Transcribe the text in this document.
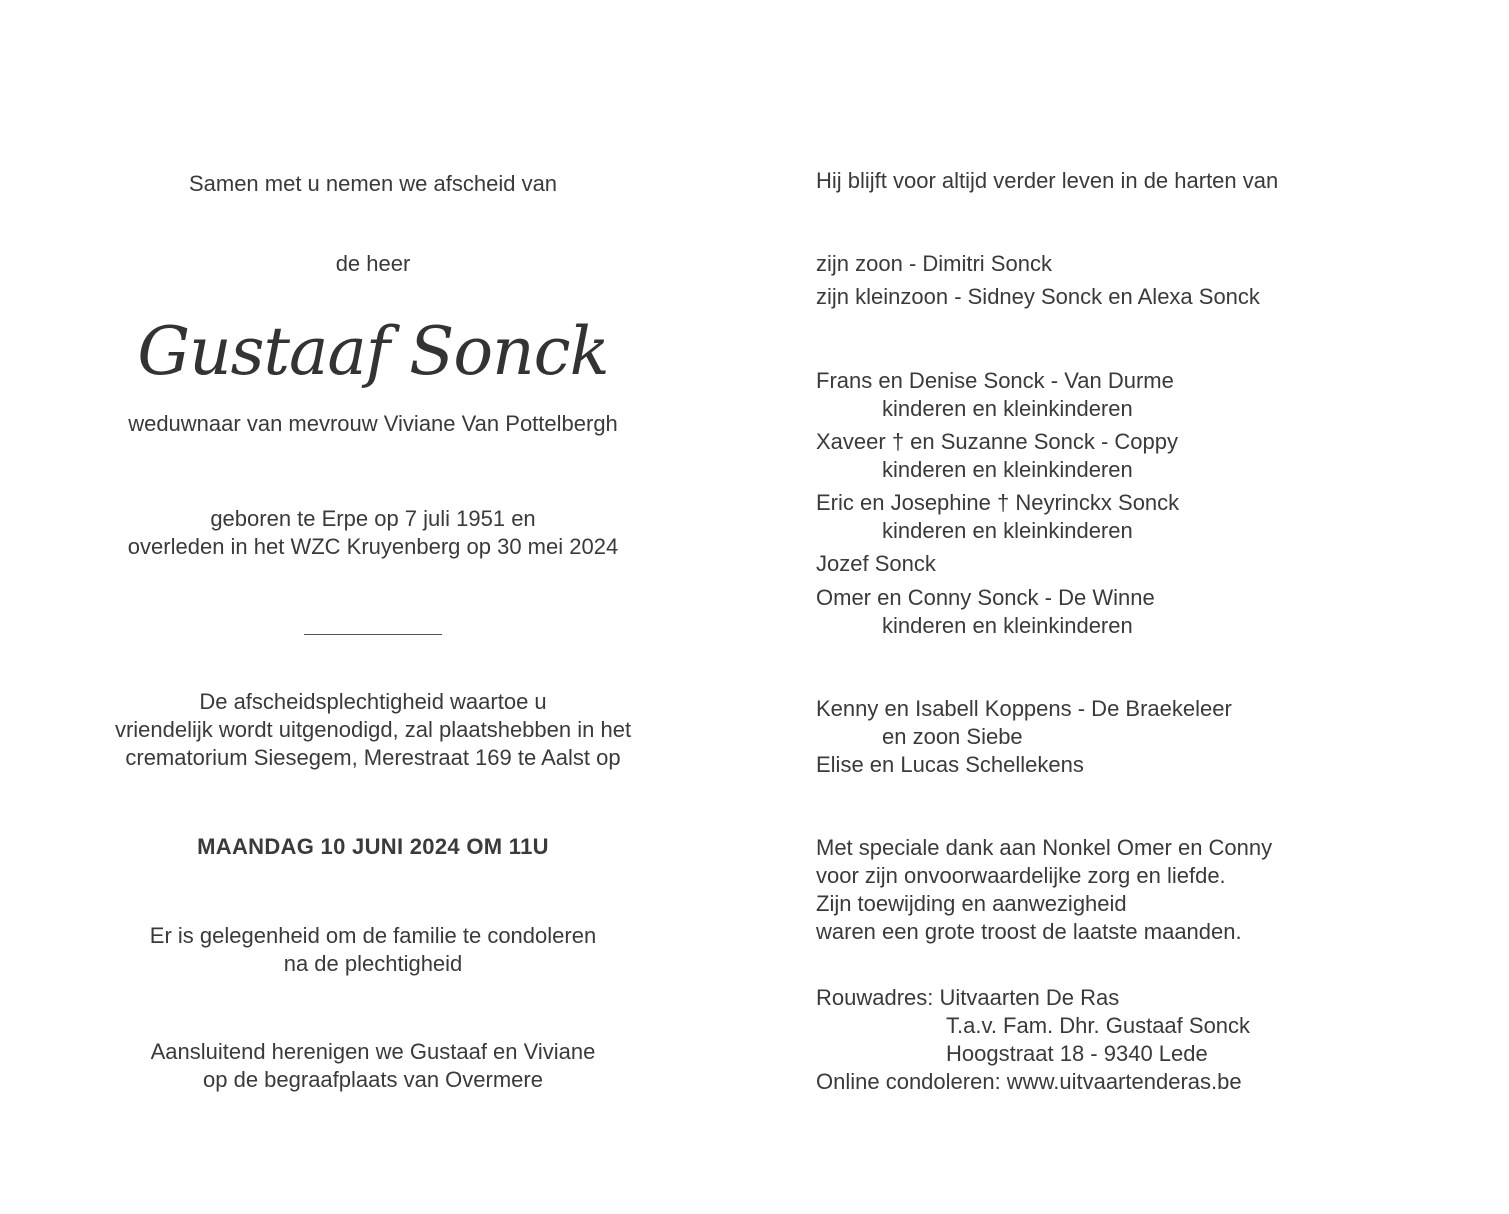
Samen met u nemen we afscheid van
de heer
Gustaaf Sonck
weduwnaar van mevrouw Viviane Van Pottelbergh
geboren te Erpe op 7 juli 1951 en
overleden in het WZC Kruyenberg op 30 mei 2024
De afscheidsplechtigheid waartoe u
vriendelijk wordt uitgenodigd, zal plaatshebben in het
crematorium Siesegem, Merestraat 169 te Aalst op
MAANDAG 10 JUNI 2024 OM 11U
Er is gelegenheid om de familie te condoleren
na de plechtigheid
Aansluitend herenigen we Gustaaf en Viviane
op de begraafplaats van Overmere
Hij blijft voor altijd verder leven in de harten van
zijn zoon - Dimitri Sonck
zijn kleinzoon - Sidney Sonck en Alexa Sonck
Frans en Denise Sonck - Van Durme
kinderen en kleinkinderen
Xaveer † en Suzanne Sonck - Coppy
kinderen en kleinkinderen
Eric en Josephine † Neyrinckx Sonck
kinderen en kleinkinderen
Jozef Sonck
Omer en Conny Sonck - De Winne
kinderen en kleinkinderen
Kenny en Isabell Koppens - De Braekeleer
en zoon Siebe
Elise en Lucas Schellekens
Met speciale dank aan Nonkel Omer en Conny
voor zijn onvoorwaardelijke zorg en liefde.
Zijn toewijding en aanwezigheid
waren een grote troost de laatste maanden.
Rouwadres: Uitvaarten De Ras
T.a.v. Fam. Dhr. Gustaaf Sonck
Hoogstraat 18 - 9340 Lede
Online condoleren: www.uitvaartenderas.be
